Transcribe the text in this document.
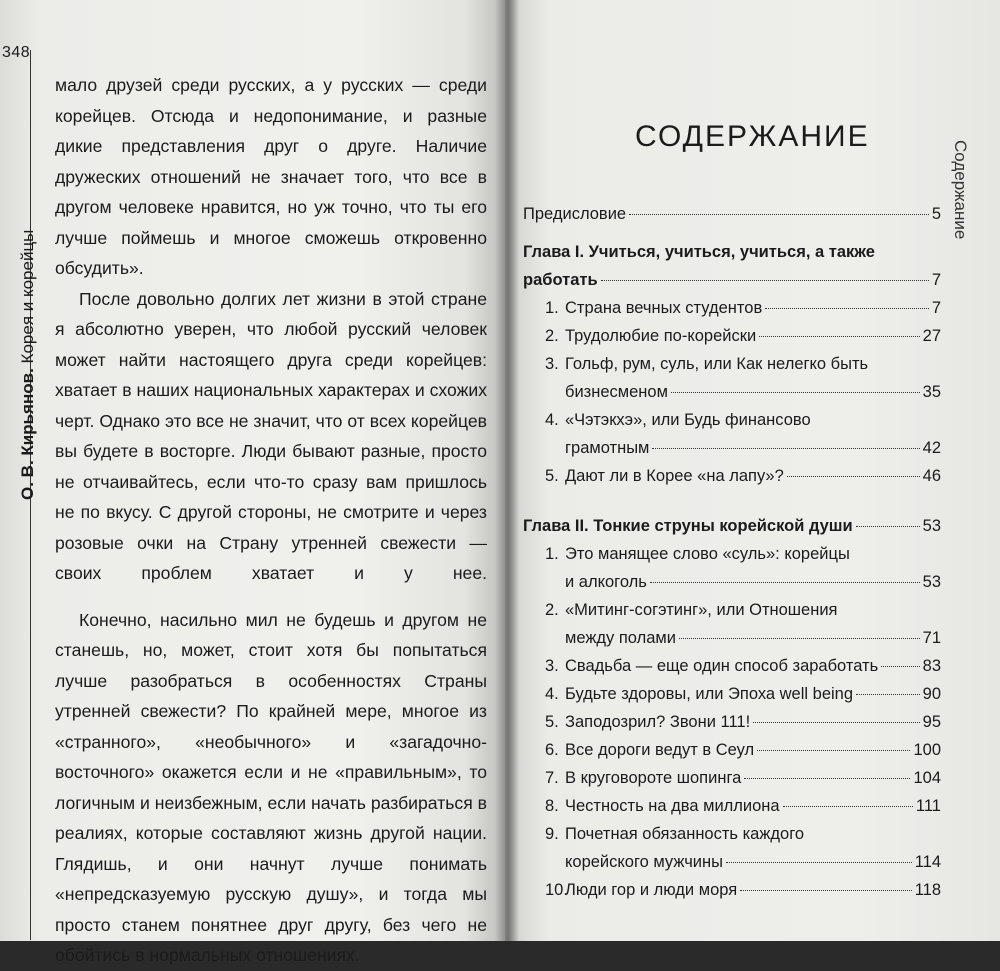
348
О. В. Кирьянов. Корея и корейцы

мало друзей среди русских, а у русских — среди корейцев. Отсюда и недопонимание, и разные дикие представления друг о друге. Наличие дружеских отношений не значает того, что все в другом человеке нравится, но уж точно, что ты его лучше поймешь и многое сможешь откровенно обсудить».

После довольно долгих лет жизни в этой стране я абсолютно уверен, что любой русский человек может найти настоящего друга среди корейцев: хватает в наших национальных характерах и схожих черт. Однако это все не значит, что от всех корейцев вы будете в восторге. Люди бывают разные, просто не отчаивайтесь, если что-то сразу вам пришлось не по вкусу. С другой стороны, не смотрите и через розовые очки на Страну утренней свежести — своих проблем хватает и у нее.

Конечно, насильно мил не будешь и другом не станешь, но, может, стоит хотя бы попытаться лучше разобраться в особенностях Страны утренней свежести? По крайней мере, многое из «странного», «необычного» и «загадочно-восточного» окажется если и не «правильным», то логичным и неизбежным, если начать разбираться в реалиях, которые составляют жизнь другой нации. Глядишь, и они начнут лучше понимать «непредсказуемую русскую душу», и тогда мы просто станем понятнее друг другу, без чего не обойтись в нормальных отношениях.

СОДЕРЖАНИЕ
Содержание
Предисловие	5
Глава I. Учиться, учиться, учиться, а также
работать	7
1. Страна вечных студентов	7
2. Трудолюбие по-корейски	27
3. Гольф, рум, суль, или Как нелегко быть
бизнесменом	35
4. «Чэтэкхэ», или Будь финансово
грамотным	42
5. Дают ли в Корее «на лапу»?	46
Глава II. Тонкие струны корейской души	53
1. Это манящее слово «суль»: корейцы
и алкоголь	53
2. «Митинг-согэтинг», или Отношения
между полами	71
3. Свадьба — еще один способ заработать	83
4. Будьте здоровы, или Эпоха well being	90
5. Заподозрил? Звони 111!	95
6. Все дороги ведут в Сеул	100
7. В круговороте шопинга	104
8. Честность на два миллиона	111
9. Почетная обязанность каждого
корейского мужчины	114
10.
Люди гор и люди моря	118
